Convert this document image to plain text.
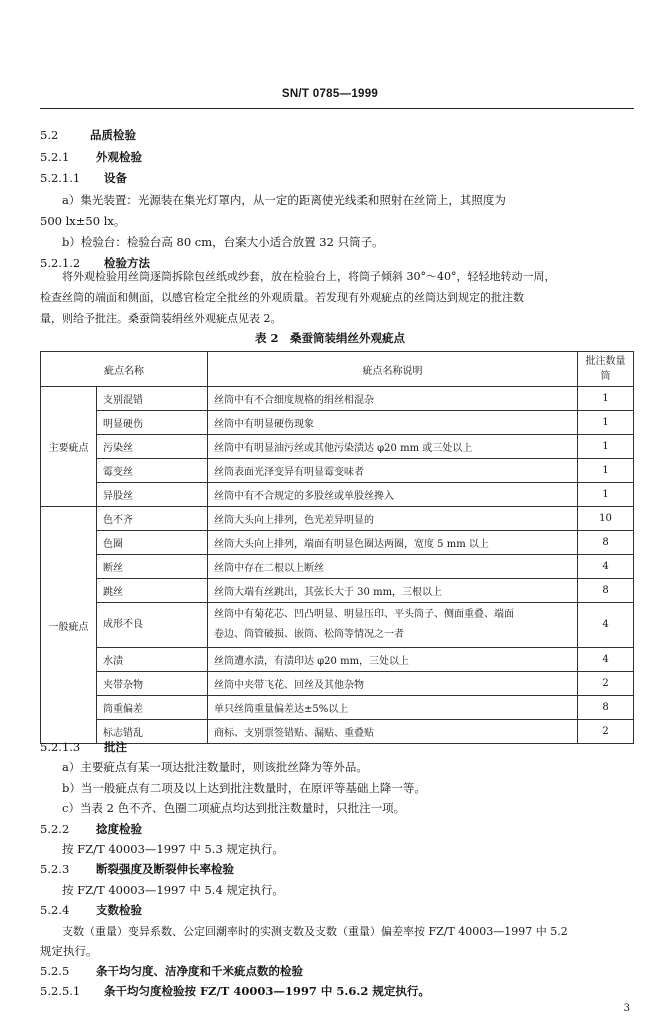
SN/T 0785—1999
5.2	品质检验
5.2.1 外观检验
5.2.1.1 设备
a）集光装置：光源装在集光灯罩内，从一定的距离使光线柔和照射在丝筒上，其照度为
500 lx±50 lx。
b）检验台：检验台高 80 cm，台案大小适合放置 32 只筒子。
5.2.1.2 检验方法
将外观检验用丝筒逐筒拆除包丝纸或纱套，放在检验台上，将筒子倾斜 30°～40°，轻轻地转动一周，
检查丝筒的端面和侧面，以感官检定全批丝的外观质量。若发现有外观疵点的丝筒达到规定的批注数
量，则给予批注。桑蚕筒装绢丝外观疵点见表 2。
表 2　桑蚕筒装绢丝外观疵点
疵点名称		疵点名称说明	批注数量
筒
主要疵点	支别混错	丝筒中有不合细度规格的绢丝相混杂	1
	明显硬伤	丝筒中有明显硬伤现象	1
	污染丝	丝筒中有明显油污丝或其他污染渍达 φ20 mm 或三处以上	1
	霉变丝	丝筒表面光泽变异有明显霉变味者	1
	异股丝	丝筒中有不合规定的多股丝或单股丝搀入	1
一般疵点	色不齐	丝筒大头向上排列，色光差异明显的	10
	色圈	丝筒大头向上排列，端面有明显色圈达两圈，宽度 5 mm 以上	8
	断丝	丝筒中存在二根以上断丝	4
	跳丝	丝筒大端有丝跳出，其弦长大于 30 mm，三根以上	8
	成形不良	丝筒中有菊花芯、凹凸明显、明显压印、平头筒子、侧面重叠、端面
卷边、筒管破损、嵌筒、松筒等情况之一者	4
	水渍	丝筒遭水渍，有渍印达 φ20 mm，三处以上	4
	夹带杂物	丝筒中夹带飞花、回丝及其他杂物	2
	筒重偏差	单只丝筒重量偏差达±5%以上	8
	标志错乱	商标、支别票签错贴、漏贴、重叠贴	2
5.2.1.3 批注
a）主要疵点有某一项达批注数量时，则该批丝降为等外品。
b）当一般疵点有二项及以上达到批注数量时，在原评等基础上降一等。
c）当表 2 色不齐、色圈二项疵点均达到批注数量时，只批注一项。
5.2.2 捻度检验
按 FZ/T 40003—1997 中 5.3 规定执行。
5.2.3 断裂强度及断裂伸长率检验
按 FZ/T 40003—1997 中 5.4 规定执行。
5.2.4 支数检验
支数（重量）变异系数、公定回潮率时的实测支数及支数（重量）偏差率按 FZ/T 40003—1997 中 5.2
规定执行。
5.2.5 条干均匀度、洁净度和千米疵点数的检验
5.2.5.1 条干均匀度检验按 FZ/T 40003—1997 中 5.6.2 规定执行。
3
